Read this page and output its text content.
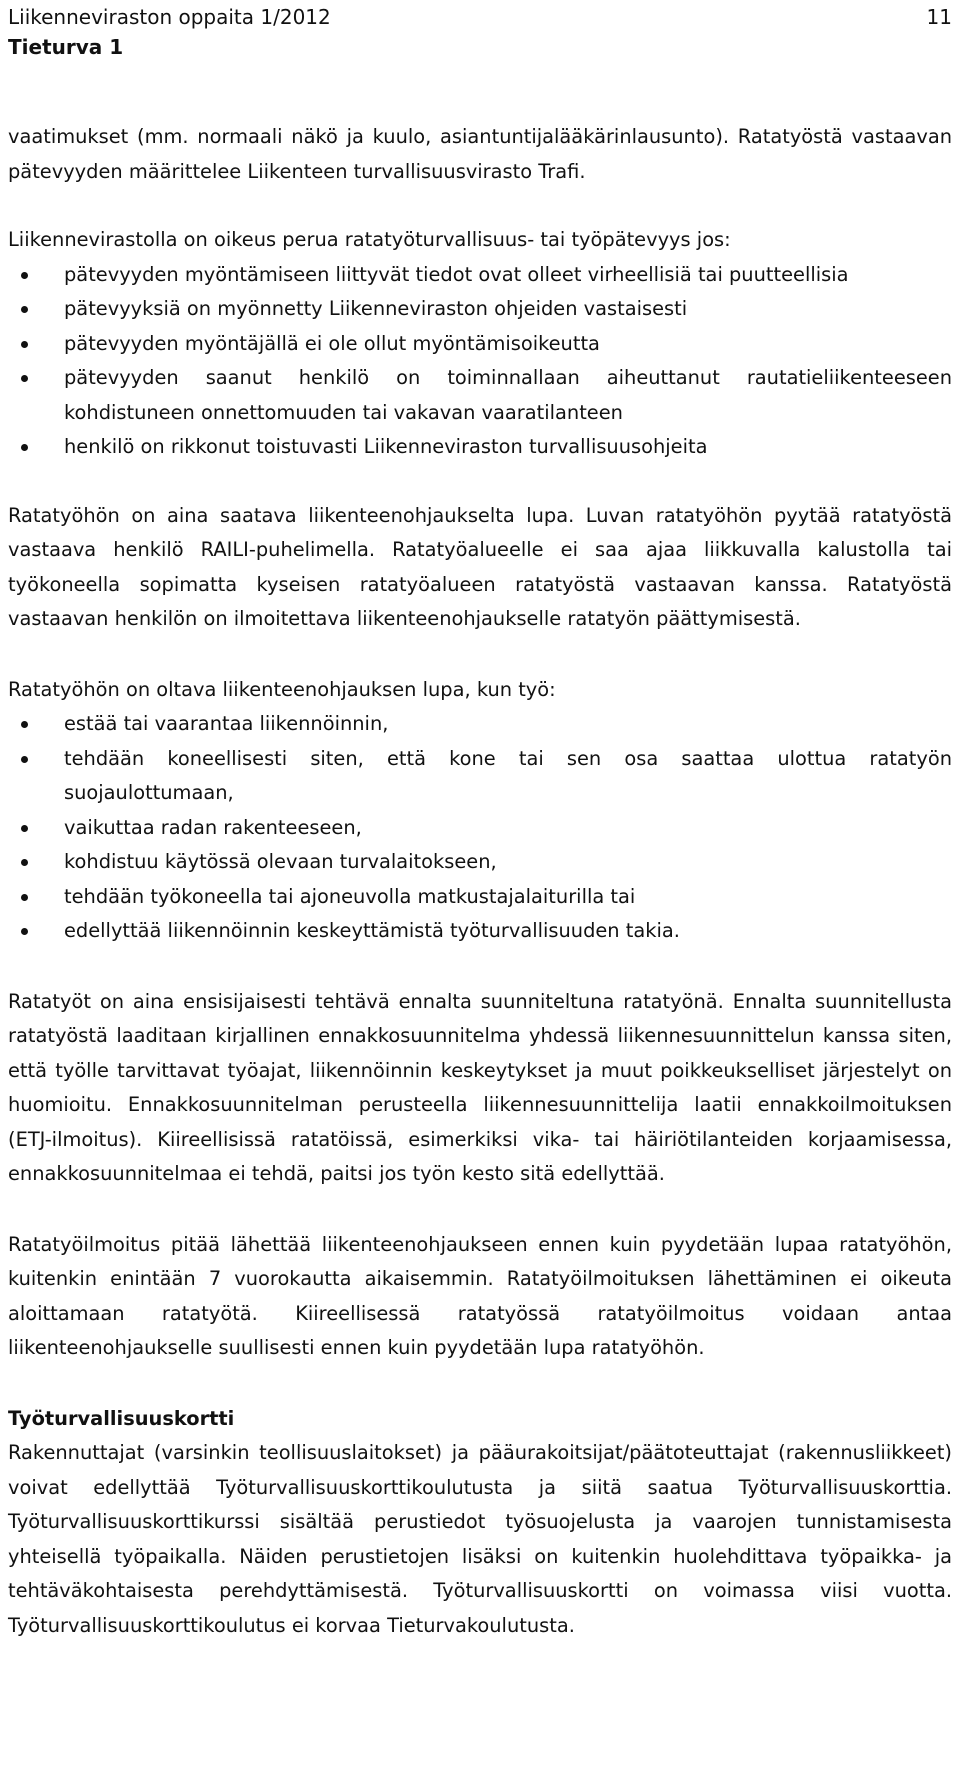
Liikenneviraston oppaita 1/2012	11
Tieturva 1

vaatimukset (mm. normaali näkö ja kuulo, asiantuntijalääkärinlausunto). Ratatyöstä vastaavan pätevyyden määrittelee Liikenteen turvallisuusvirasto Trafi.

Liikennevirastolla on oikeus perua ratatyöturvallisuus- tai työpätevyys jos:

pätevyyden myöntämiseen liittyvät tiedot ovat olleet virheellisiä tai puutteellisia
pätevyyksiä on myönnetty Liikenneviraston ohjeiden vastaisesti
pätevyyden myöntäjällä ei ole ollut myöntämisoikeutta
pätevyyden saanut henkilö on toiminnallaan aiheuttanut rautatieliikenteeseen kohdistuneen onnettomuuden tai vakavan vaaratilanteen
henkilö on rikkonut toistuvasti Liikenneviraston turvallisuusohjeita

Ratatyöhön on aina saatava liikenteenohjaukselta lupa. Luvan ratatyöhön pyytää ratatyöstä vastaava henkilö RAILI-puhelimella. Ratatyöalueelle ei saa ajaa liikkuvalla kalustolla tai työkoneella sopimatta kyseisen ratatyöalueen ratatyöstä vastaavan kanssa. Ratatyöstä vastaavan henkilön on ilmoitettava liikenteenohjaukselle ratatyön päättymisestä.

Ratatyöhön on oltava liikenteenohjauksen lupa, kun työ:

estää tai vaarantaa liikennöinnin,
tehdään koneellisesti siten, että kone tai sen osa saattaa ulottua ratatyön suojaulottumaan,
vaikuttaa radan rakenteeseen,
kohdistuu käytössä olevaan turvalaitokseen,
tehdään työkoneella tai ajoneuvolla matkustajalaiturilla tai
edellyttää liikennöinnin keskeyttämistä työturvallisuuden takia.

Ratatyöt on aina ensisijaisesti tehtävä ennalta suunniteltuna ratatyönä. Ennalta suunnitellusta ratatyöstä laaditaan kirjallinen ennakkosuunnitelma yhdessä liikennesuunnittelun kanssa siten, että työlle tarvittavat työajat, liikennöinnin keskeytykset ja muut poikkeukselliset järjestelyt on huomioitu. Ennakkosuunnitelman perusteella liikennesuunnittelija laatii ennakkoilmoituksen (ETJ-ilmoitus). Kiireellisissä ratatöissä, esimerkiksi vika- tai häiriötilanteiden korjaamisessa, ennakkosuunnitelmaa ei tehdä, paitsi jos työn kesto sitä edellyttää.

Ratatyöilmoitus pitää lähettää liikenteenohjaukseen ennen kuin pyydetään lupaa ratatyöhön, kuitenkin enintään 7 vuorokautta aikaisemmin. Ratatyöilmoituksen lähettäminen ei oikeuta aloittamaan ratatyötä. Kiireellisessä ratatyössä ratatyöilmoitus voidaan antaa liikenteenohjaukselle suullisesti ennen kuin pyydetään lupa ratatyöhön.

Työturvallisuuskortti

Rakennuttajat (varsinkin teollisuuslaitokset) ja pääurakoitsijat/päätoteuttajat (rakennusliikkeet) voivat edellyttää Työturvallisuuskorttikoulutusta ja siitä saatua Työturvallisuuskorttia. Työturvallisuuskorttikurssi sisältää perustiedot työsuojelusta ja vaarojen tunnistamisesta yhteisellä työpaikalla. Näiden perustietojen lisäksi on kuitenkin huolehdittava työpaikka- ja tehtäväkohtaisesta perehdyttämisestä. Työturvallisuuskortti on voimassa viisi vuotta. Työturvallisuuskorttikoulutus ei korvaa Tieturvakoulutusta.
